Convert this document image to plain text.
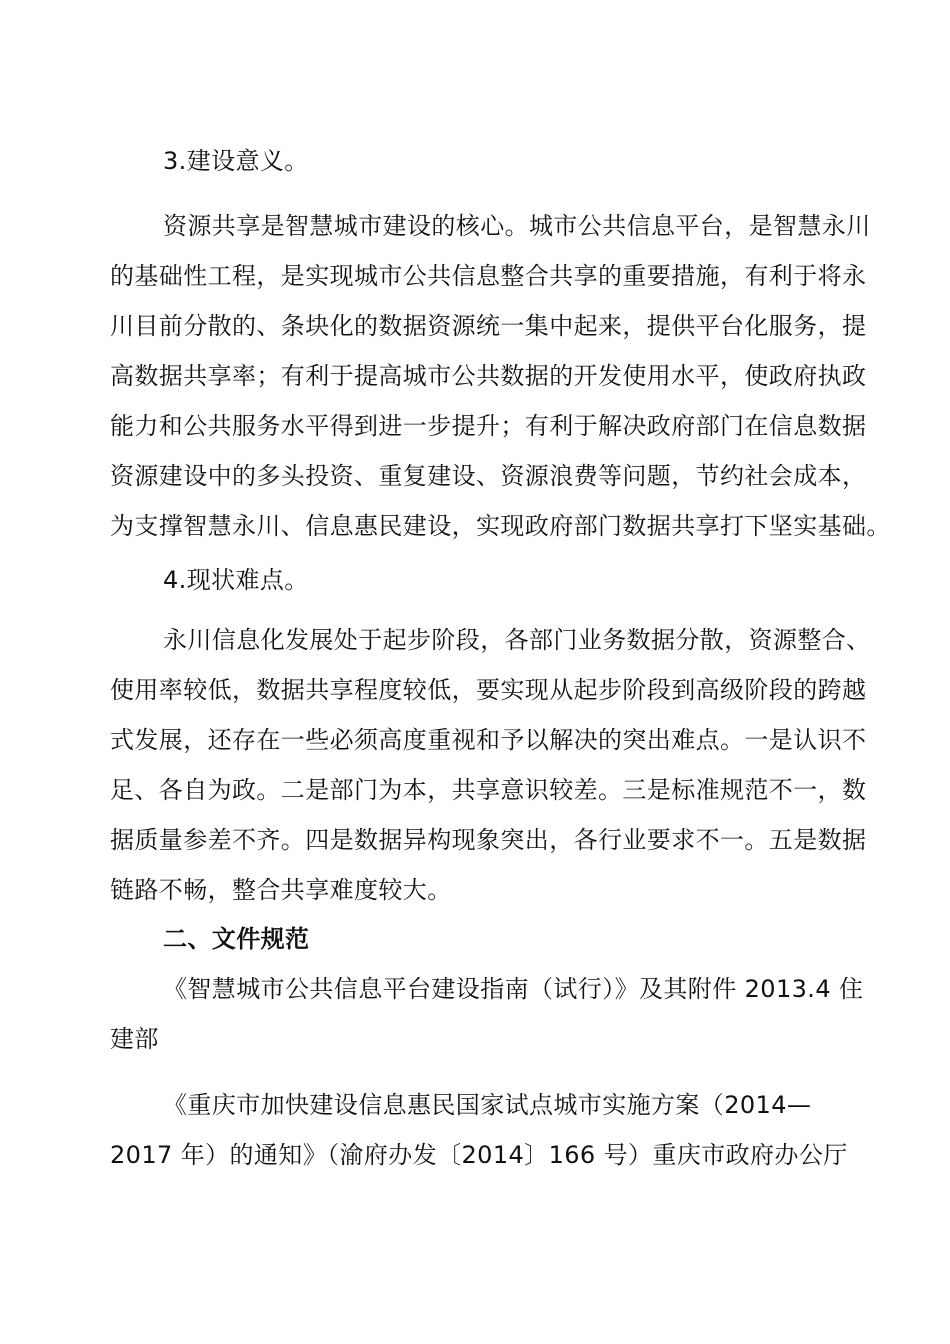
3.建设意义。
资源共享是智慧城市建设的核心。城市公共信息平台，是智慧永川
的基础性工程，是实现城市公共信息整合共享的重要措施，有利于将永
川目前分散的、条块化的数据资源统一集中起来，提供平台化服务，提
高数据共享率；有利于提高城市公共数据的开发使用水平，使政府执政
能力和公共服务水平得到进一步提升；有利于解决政府部门在信息数据
资源建设中的多头投资、重复建设、资源浪费等问题，节约社会成本，
为支撑智慧永川、信息惠民建设，实现政府部门数据共享打下坚实基础。
4.现状难点。
永川信息化发展处于起步阶段，各部门业务数据分散，资源整合、
使用率较低，数据共享程度较低，要实现从起步阶段到高级阶段的跨越
式发展，还存在一些必须高度重视和予以解决的突出难点。一是认识不
足、各自为政。二是部门为本，共享意识较差。三是标准规范不一，数
据质量参差不齐。四是数据异构现象突出，各行业要求不一。五是数据
链路不畅，整合共享难度较大。
二、文件规范
《智慧城市公共信息平台建设指南（试行）》及其附件 2013.4 住
建部
《重庆市加快建设信息惠民国家试点城市实施方案（2014—
2017 年）的通知》（渝府办发〔2014〕166 号）重庆市政府办公厅
